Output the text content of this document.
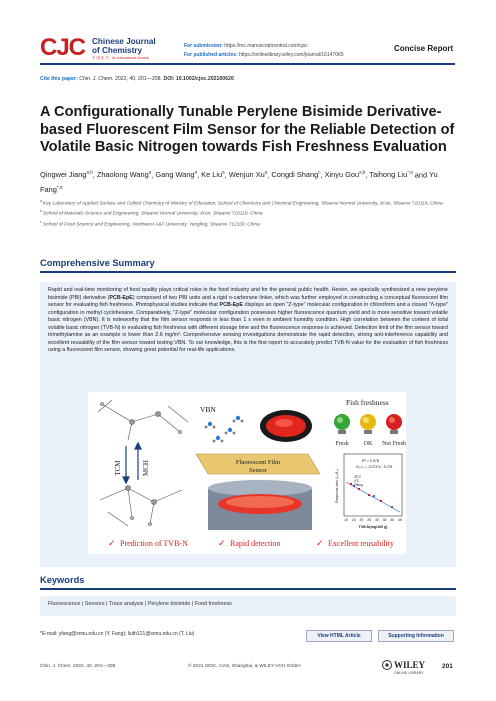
CJC Chinese Journal
of Chemistry
中 国 化 学 · An international Journal
For submission: https://mc.manuscriptcentral.com/cjoc
For published articles: https://onlinelibrary.wiley.com/journal/16147065
Concise Report
Cite this paper: Chin. J. Chem. 2022, 40, 201—208. DOI: 10.1002/cjoc.202100626
A Configurationally Tunable Perylene Bisimide Derivative-based Fluorescent Film Sensor for the Reliable Detection of Volatile Basic Nitrogen towards Fish Freshness Evaluation
Qingwei Jiang$^{a,b}$, Zhaolong Wang$^a$, Gang Wang$^a$, Ke Liu$^a$, Wenjun Xu$^a$, Congdi Shang$^c$, Xinyu Gou$^{a,b}$, Taihong Liu$^{*,a}$ and Yu Fang$^{*,a}$
$^a$ Key Laboratory of Applied Surface and Colloid Chemistry of Ministry of Education, School of Chemistry and Chemical Engineering, Shaanxi Normal University, Xi'an, Shaanxi 710119, China
$^b$ School of Materials Science and Engineering, Shaanxi Normal University, Xi'an, Shaanxi 710119, China
$^c$ School of Food Science and Engineering, Northwest A&F University, Yangling, Shaanxi 712100, China
Comprehensive Summary
Rapid and real-time monitoring of food quality plays critical roles in the food industry and for the general public health. Herein, we specially synthesized a new perylene bisimide (PBI) derivative (PCB-EpE) composed of two PBI units and a rigid o-carborane linker, which was further employed in constructing a conceptual fluorescent film sensor for evaluating fish freshness. Photophysical studies indicate that PCB-EpE displays an open "Z-type" molecular configuration in chloroform and a closed "Λ-type" configuration in methyl cyclohexane. Comparatively, "Z-type" molecular configuration possesses higher fluorescence quantum yield and is more sensitive toward volatile basic nitrogen (VBN). It is noteworthy that the film sensor responds in less than 1 s even in ambient humidity condition. High correlation between the content of total volatile basic nitrogen (TVB-N) in evaluating fish freshness with different storage time and the fluorescence response is achieved. Detection limit of the film sensor toward trimethylamine as an example is lower than 2.6 mg/m³. Comprehensive sensing investigations demonstrate the rapid detection, strong anti-interference capability and excellent reusability of the film sensor toward testing VBN. To our knowledge, this is the first report to accurately predict TVB-N value for the evaluation of fish freshness using a fluorescent film sensor, showing great potential for real-life applications.
TCM	MCH
VBN
Fluorescent Film
Sensor
Fish freshness
Fresh OK Not Fresh
R² = 0.978
I/I₀-I₀ = -0.0737x - 5.278
25°C
4°C
Fitting
Response ratio (I₀-I/I₀)
10 15 20 25 30 35 40 45
TVB-N(mg/100 g)
✓ Prediction of TVB-N	✓ Rapid detection	✓ Excellent reusability
Keywords
Fluorescence | Sensors | Trace analysis | Perylene bisimide | Food freshness
*E-mail: yfang@snnu.edu.cn (Y. Fang); liuth121@snnu.edu.cn (T. Liu)	View HTML Article	Supporting Information
Chin. J. Chem. 2022, 40, 201—208	© 2021 SIOC, CAS, Shanghai, & WILEY-VCH GmbH	WILEY
ONLINE LIBRARY
201
